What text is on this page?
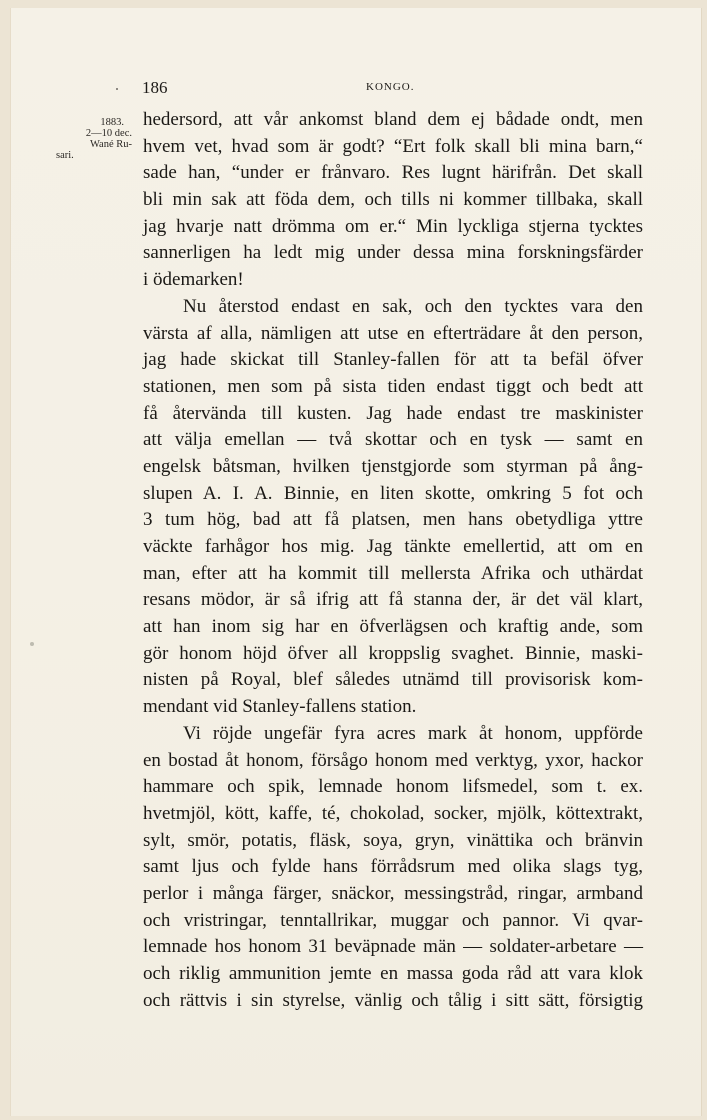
186	KONGO.
1883.
2—10 dec.
Wané Ru-
sari.
hedersord, att vår ankomst bland dem ej bådade ondt, men
hvem vet, hvad som är godt? “Ert folk skall bli mina barn,“
sade han, “under er frånvaro. Res lugnt härifrån. Det skall
bli min sak att föda dem, och tills ni kommer tillbaka, skall
jag hvarje natt drömma om er.“ Min lyckliga stjerna tycktes
sannerligen ha ledt mig under dessa mina forskningsfärder
i ödemarken!
Nu återstod endast en sak, och den tycktes vara den
värsta af alla, nämligen att utse en efterträdare åt den person,
jag hade skickat till Stanley-fallen för att ta befäl öfver
stationen, men som på sista tiden endast tiggt och bedt att
få återvända till kusten. Jag hade endast tre maskinister
att välja emellan — två skottar och en tysk — samt en
engelsk båtsman, hvilken tjenstgjorde som styrman på ång-
slupen A. I. A. Binnie, en liten skotte, omkring 5 fot och
3 tum hög, bad att få platsen, men hans obetydliga yttre
väckte farhågor hos mig. Jag tänkte emellertid, att om en
man, efter att ha kommit till mellersta Afrika och uthärdat
resans mödor, är så ifrig att få stanna der, är det väl klart,
att han inom sig har en öfverlägsen och kraftig ande, som
gör honom höjd öfver all kroppslig svaghet. Binnie, maski-
nisten på Royal, blef således utnämd till provisorisk kom-
mendant vid Stanley-fallens station.
Vi röjde ungefär fyra acres mark åt honom, uppförde
en bostad åt honom, försågo honom med verktyg, yxor, hackor
hammare och spik, lemnade honom lifsmedel, som t. ex.
hvetmjöl, kött, kaffe, té, chokolad, socker, mjölk, köttextrakt,
sylt, smör, potatis, fläsk, soya, gryn, vinättika och bränvin
samt ljus och fylde hans förrådsrum med olika slags tyg,
perlor i många färger, snäckor, messingstråd, ringar, armband
och vristringar, tenntallrikar, muggar och pannor. Vi qvar-
lemnade hos honom 31 beväpnade män — soldater-arbetare —
och riklig ammunition jemte en massa goda råd att vara klok
och rättvis i sin styrelse, vänlig och tålig i sitt sätt, försigtig
